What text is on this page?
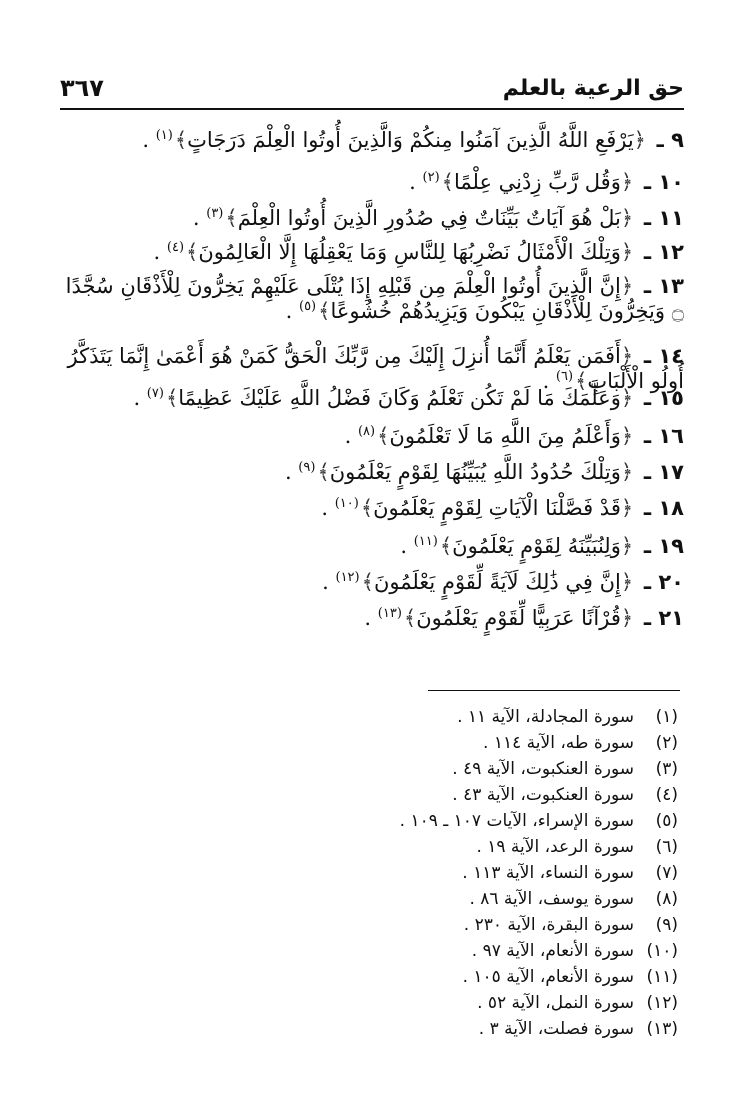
حق الرعية بالعلم
٣٦٧
٩ ـ ﴿يَرْفَعِ اللَّهُ الَّذِينَ آمَنُوا مِنكُمْ وَالَّذِينَ أُوتُوا الْعِلْمَ دَرَجَاتٍ﴾$^{(١)}$ .
١٠ ـ ﴿وَقُل رَّبِّ زِدْنِي عِلْمًا﴾$^{(٢)}$ .
١١ ـ ﴿بَلْ هُوَ آيَاتٌ بَيِّنَاتٌ فِي صُدُورِ الَّذِينَ أُوتُوا الْعِلْمَ﴾$^{(٣)}$ .
١٢ ـ ﴿وَتِلْكَ الْأَمْثَالُ نَضْرِبُهَا لِلنَّاسِ وَمَا يَعْقِلُهَا إِلَّا الْعَالِمُونَ﴾$^{(٤)}$ .
١٣ ـ ﴿إِنَّ الَّذِينَ أُوتُوا الْعِلْمَ مِن قَبْلِهِ إِذَا يُتْلَى عَلَيْهِمْ يَخِرُّونَ لِلْأَذْقَانِ سُجَّدًا ۝ وَيَخِرُّونَ لِلْأَذْقَانِ يَبْكُونَ وَيَزِيدُهُمْ خُشُوعًا﴾$^{(٥)}$ .
١٤ ـ ﴿أَفَمَن يَعْلَمُ أَنَّمَا أُنزِلَ إِلَيْكَ مِن رَّبِّكَ الْحَقُّ كَمَنْ هُوَ أَعْمَىٰ إِنَّمَا يَتَذَكَّرُ أُولُو الْأَلْبَابِ﴾$^{(٦)}$ .
١٥ ـ ﴿وَعَلَّمَكَ مَا لَمْ تَكُن تَعْلَمُ وَكَانَ فَضْلُ اللَّهِ عَلَيْكَ عَظِيمًا﴾$^{(٧)}$ .
١٦ ـ ﴿وَأَعْلَمُ مِنَ اللَّهِ مَا لَا تَعْلَمُونَ﴾$^{(٨)}$ .
١٧ ـ ﴿وَتِلْكَ حُدُودُ اللَّهِ يُبَيِّنُهَا لِقَوْمٍ يَعْلَمُونَ﴾$^{(٩)}$ .
١٨ ـ ﴿قَدْ فَصَّلْنَا الْآيَاتِ لِقَوْمٍ يَعْلَمُونَ﴾$^{(١٠)}$ .
١٩ ـ ﴿وَلِنُبَيِّنَهُ لِقَوْمٍ يَعْلَمُونَ﴾$^{(١١)}$ .
٢٠ ـ ﴿إِنَّ فِي ذَٰلِكَ لَآيَةً لِّقَوْمٍ يَعْلَمُونَ﴾$^{(١٢)}$ .
٢١ ـ ﴿قُرْآنًا عَرَبِيًّا لِّقَوْمٍ يَعْلَمُونَ﴾$^{(١٣)}$ .
(١)سورة المجادلة، الآية ١١ .
(٢)سورة طه، الآية ١١٤ .
(٣)سورة العنكبوت، الآية ٤٩ .
(٤)سورة العنكبوت، الآية ٤٣ .
(٥)سورة الإسراء، الآيات ١٠٧ ـ ١٠٩ .
(٦)سورة الرعد، الآية ١٩ .
(٧)سورة النساء، الآية ١١٣ .
(٨)سورة يوسف، الآية ٨٦ .
(٩)سورة البقرة، الآية ٢٣٠ .
(١٠)سورة الأنعام، الآية ٩٧ .
(١١)سورة الأنعام، الآية ١٠٥ .
(١٢)سورة النمل، الآية ٥٢ .
(١٣)سورة فصلت، الآية ٣ .
